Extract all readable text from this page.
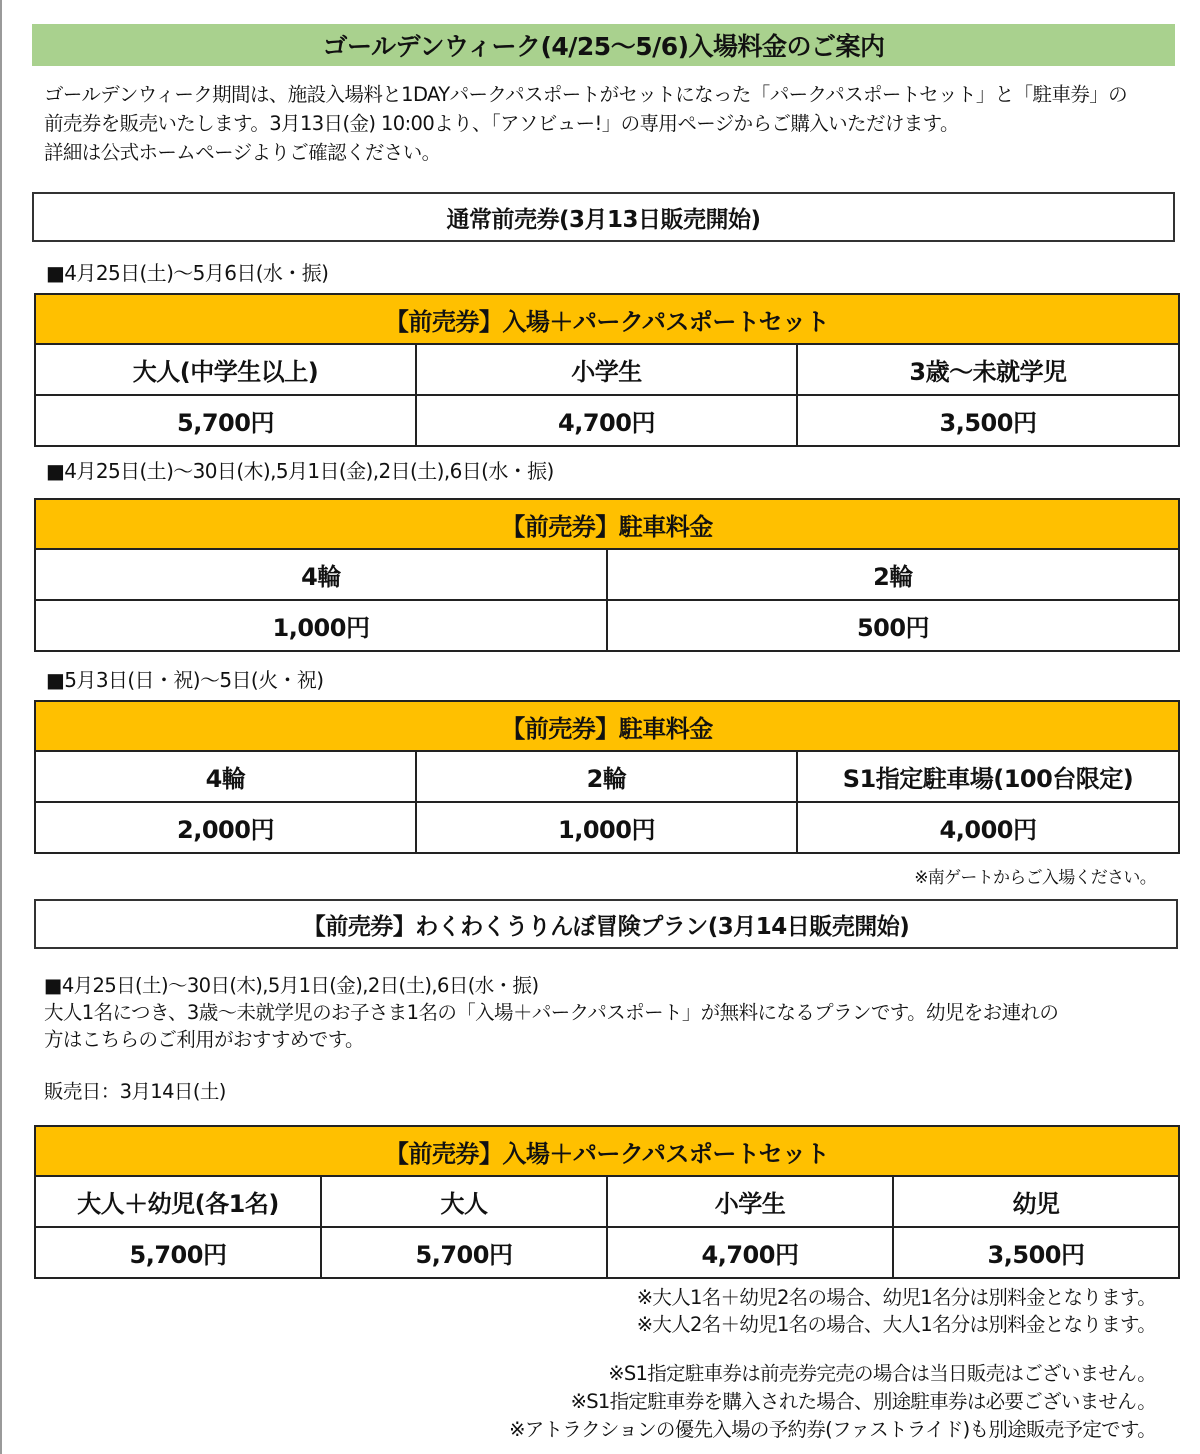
ゴールデンウィーク(4/25～5/6)入場料金のご案内
ゴールデンウィーク期間は、施設入場料と1DAYパークパスポートがセットになった「パークパスポートセット」と「駐車券」の
前売券を販売いたします。3月13日(金) 10:00より、「アソビュー!」の専用ページからご購入いただけます。
詳細は公式ホームページよりご確認ください。
通常前売券(3月13日販売開始)
■4月25日(土)～5月6日(水・振)
【前売券】入場＋パークパスポートセット		
大人(中学生以上)	小学生	3歳～未就学児
5,700円	4,700円	3,500円
■4月25日(土)～30日(木),5月1日(金),2日(土),6日(水・振)
【前売券】駐車料金	
4輪	2輪
1,000円	500円
■5月3日(日・祝)～5日(火・祝)
【前売券】駐車料金		
4輪	2輪	S1指定駐車場(100台限定)
2,000円	1,000円	4,000円
※南ゲートからご入場ください。
【前売券】わくわくうりんぼ冒険プラン(3月14日販売開始)
■4月25日(土)～30日(木),5月1日(金),2日(土),6日(水・振)
大人1名につき、3歳～未就学児のお子さま1名の「入場＋パークパスポート」が無料になるプランです。幼児をお連れの
方はこちらのご利用がおすすめです。
販売日：3月14日(土)
【前売券】入場＋パークパスポートセット			
大人＋幼児(各1名)	大人	小学生	幼児
5,700円	5,700円	4,700円	3,500円
※大人1名＋幼児2名の場合、幼児1名分は別料金となります。
※大人2名＋幼児1名の場合、大人1名分は別料金となります。
※S1指定駐車券は前売券完売の場合は当日販売はございません。
※S1指定駐車券を購入された場合、別途駐車券は必要ございません。
※アトラクションの優先入場の予約券(ファストライド)も別途販売予定です。
